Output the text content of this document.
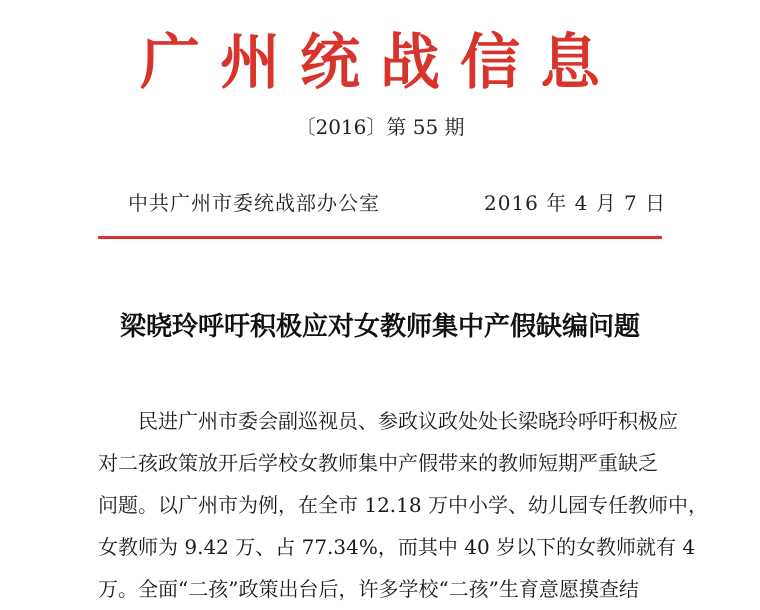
广州统战信息
〔2016〕第 55 期
中共广州市委统战部办公室	2016 年 4 月 7 日
梁晓玲呼吁积极应对女教师集中产假缺编问题
民进广州市委会副巡视员、参政议政处处长梁晓玲呼吁积极应
对二孩政策放开后学校女教师集中产假带来的教师短期严重缺乏
问题。以广州市为例，在全市 12.18 万中小学、幼儿园专任教师中，
女教师为 9.42 万、占 77.34%，而其中 40 岁以下的女教师就有 4
万。全面“二孩”政策出台后，许多学校“二孩”生育意愿摸查结
